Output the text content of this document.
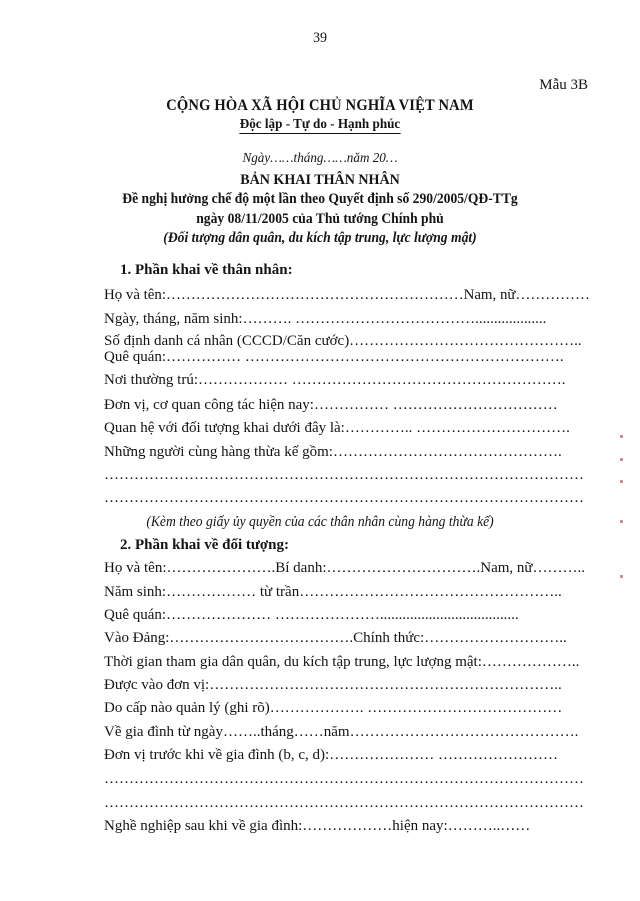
39
Mẫu 3B
CỘNG HÒA XÃ HỘI CHỦ NGHĨA VIỆT NAM
Độc lập - Tự do - Hạnh phúc
Ngày……tháng……năm 20…
BẢN KHAI THÂN NHÂN
Đề nghị hưởng chế độ một lần theo Quyết định số 290/2005/QĐ-TTg
ngày 08/11/2005 của Thủ tướng Chính phủ
(Đối tượng dân quân, du kích tập trung, lực lượng mật)
1. Phần khai về thân nhân:
Họ và tên:……………………………………………………Nam, nữ……………
Ngày, tháng, năm sinh:………. ………………………………...................
Số định danh cá nhân (CCCD/Căn cước)………………………………………..
Quê quán:…………… ……………………………………………………….
Nơi thường trú:……………… ……………………………………………….
Đơn vị, cơ quan công tác hiện nay:…………… ……………………………
Quan hệ với đối tượng khai dưới đây là:………….. ………………………….
Những người cùng hàng thừa kế gồm:……………………………………….
……………………………………………………………………………………
……………………………………………………………………………………
(Kèm theo giấy ủy quyền của các thân nhân cùng hàng thừa kế)
2. Phần khai về đối tượng:
Họ và tên:………………….Bí danh:………………………….Nam, nữ………..
Năm sinh:……………… từ trần……………………………………………..
Quê quán:………………… ………………….....................................
Vào Đảng:……………………………….Chính thức:………………………..
Thời gian tham gia dân quân, du kích tập trung, lực lượng mật:………………..
Được vào đơn vị:……………………………………………………………..
Do cấp nào quản lý (ghi rõ)………………. …………………………………
Về gia đình từ ngày……..tháng……năm……………………………………….
Đơn vị trước khi về gia đình (b, c, d):………………… ……………………
……………………………………………………………………………………
……………………………………………………………………………………
Nghề nghiệp sau khi về gia đình:………………hiện nay:………..……
